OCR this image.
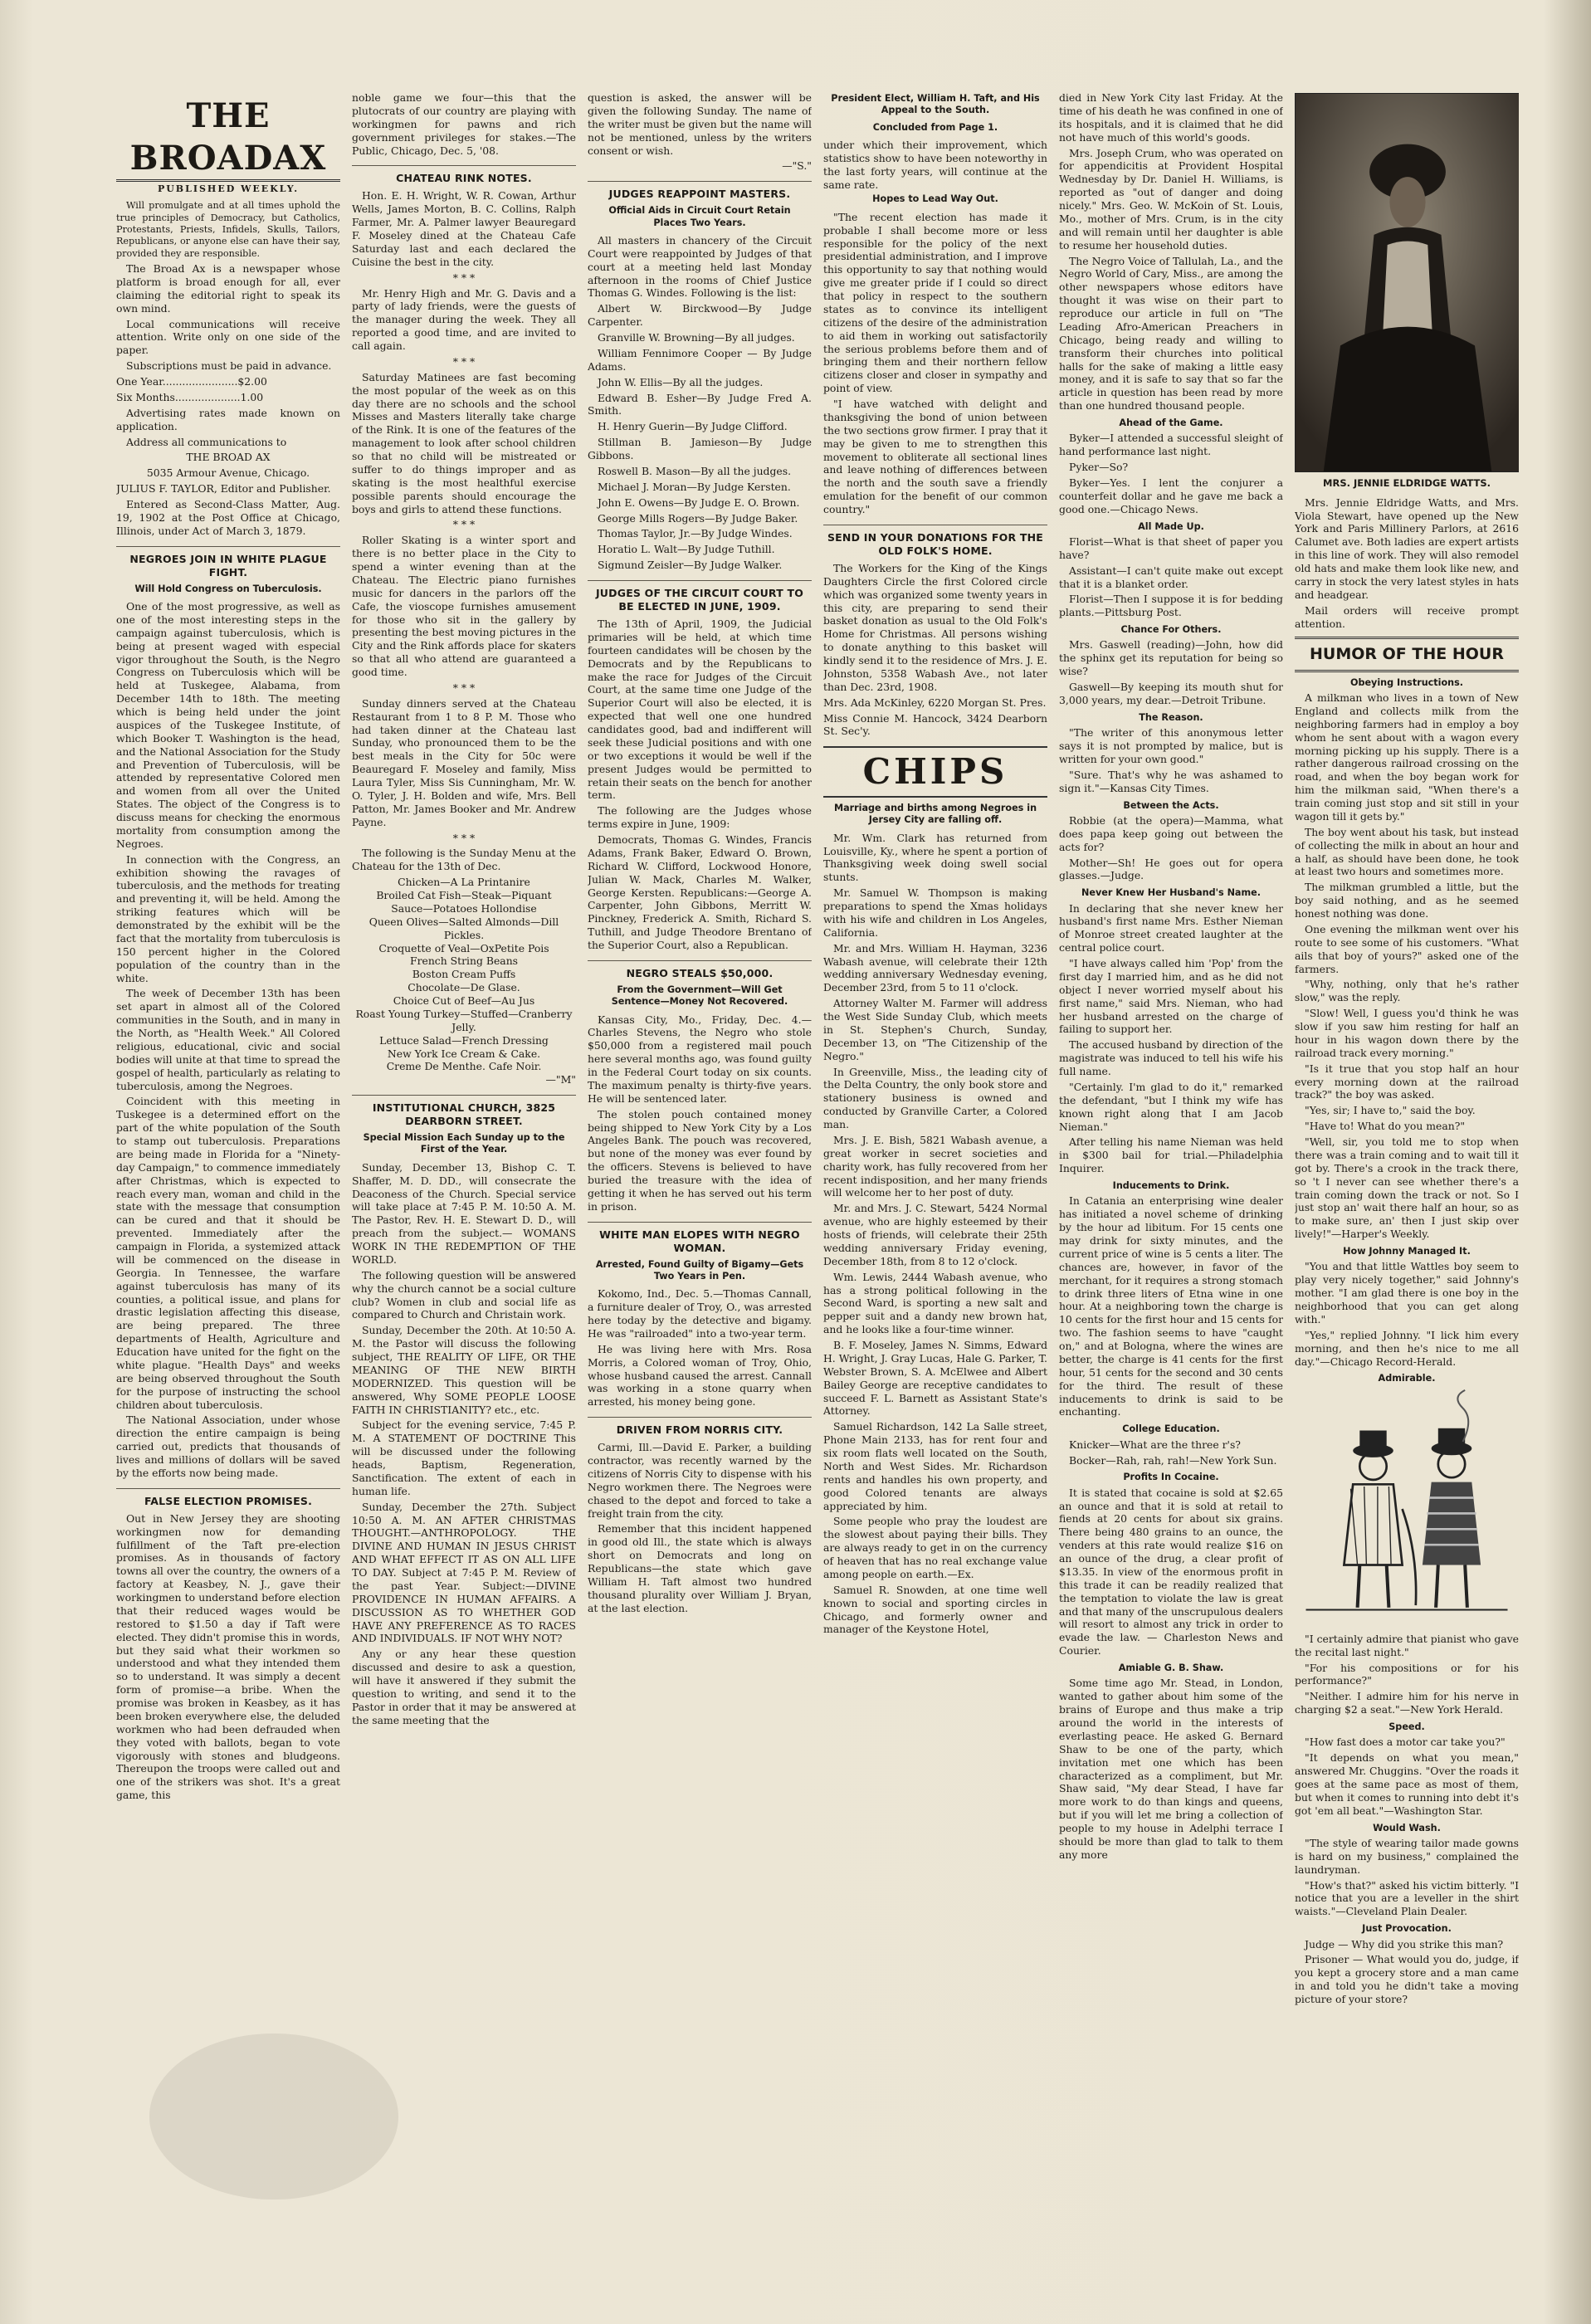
THE BROADAX
PUBLISHED WEEKLY.

Will promulgate and at all times uphold the true principles of Democracy, but Catholics, Protestants, Priests, Infidels, Skulls, Tailors, Republicans, or anyone else can have their say, provided they are responsible.

The Broad Ax is a newspaper whose platform is broad enough for all, ever claiming the editorial right to speak its own mind.

Local communications will receive attention. Write only on one side of the paper.

Subscriptions must be paid in advance.

One Year.......................$2.00

Six Months....................1.00

Advertising rates made known on application.

Address all communications to

THE BROAD AX

5035 Armour Avenue, Chicago.

JULIUS F. TAYLOR, Editor and Publisher.

Entered as Second-Class Matter, Aug. 19, 1902 at the Post Office at Chicago, Illinois, under Act of March 3, 1879.

NEGROES JOIN IN WHITE PLAGUE FIGHT.
Will Hold Congress on Tuberculosis.

One of the most progressive, as well as one of the most interesting steps in the campaign against tuberculosis, which is being at present waged with especial vigor throughout the South, is the Negro Congress on Tuberculosis which will be held at Tuskegee, Alabama, from December 14th to 18th. The meeting which is being held under the joint auspices of the Tuskegee Institute, of which Booker T. Washington is the head, and the National Association for the Study and Prevention of Tuberculosis, will be attended by representative Colored men and women from all over the United States. The object of the Congress is to discuss means for checking the enormous mortality from consumption among the Negroes.

In connection with the Congress, an exhibition showing the ravages of tuberculosis, and the methods for treating and preventing it, will be held. Among the striking features which will be demonstrated by the exhibit will be the fact that the mortality from tuberculosis is 150 percent higher in the Colored population of the country than in the white.

The week of December 13th has been set apart in almost all of the Colored communities in the South, and in many in the North, as "Health Week." All Colored religious, educational, civic and social bodies will unite at that time to spread the gospel of health, particularly as relating to tuberculosis, among the Negroes.

Coincident with this meeting in Tuskegee is a determined effort on the part of the white population of the South to stamp out tuberculosis. Preparations are being made in Florida for a "Ninety-day Campaign," to commence immediately after Christmas, which is expected to reach every man, woman and child in the state with the message that consumption can be cured and that it should be prevented. Immediately after the campaign in Florida, a systemized attack will be commenced on the disease in Georgia. In Tennessee, the warfare against tuberculosis has many of its counties, a political issue, and plans for drastic legislation affecting this disease, are being prepared. The three departments of Health, Agriculture and Education have united for the fight on the white plague. "Health Days" and weeks are being observed throughout the South for the purpose of instructing the school children about tuberculosis.

The National Association, under whose direction the entire campaign is being carried out, predicts that thousands of lives and millions of dollars will be saved by the efforts now being made.

FALSE ELECTION PROMISES.

Out in New Jersey they are shooting workingmen now for demanding fulfillment of the Taft pre-election promises. As in thousands of factory towns all over the country, the owners of a factory at Keasbey, N. J., gave their workingmen to understand before election that their reduced wages would be restored to $1.50 a day if Taft were elected. They didn't promise this in words, but they said what their workmen so understood and what they intended them so to understand. It was simply a decent form of promise—a bribe. When the promise was broken in Keasbey, as it has been broken everywhere else, the deluded workmen who had been defrauded when they voted with ballots, began to vote vigorously with stones and bludgeons. Thereupon the troops were called out and one of the strikers was shot. It's a great game, this

noble game we four—this that the plutocrats of our country are playing with workingmen for pawns and rich government privileges for stakes.—The Public, Chicago, Dec. 5, '08.

CHATEAU RINK NOTES.

Hon. E. H. Wright, W. R. Cowan, Arthur Wells, James Morton, B. C. Collins, Ralph Farmer, Mr. A. Palmer lawyer Beauregard F. Moseley dined at the Chateau Cafe Saturday last and each declared the Cuisine the best in the city.

* * *

Mr. Henry High and Mr. G. Davis and a party of lady friends, were the guests of the manager during the week. They all reported a good time, and are invited to call again.

* * *

Saturday Matinees are fast becoming the most popular of the week as on this day there are no schools and the school Misses and Masters literally take charge of the Rink. It is one of the features of the management to look after school children so that no child will be mistreated or suffer to do things improper and as skating is the most healthful exercise possible parents should encourage the boys and girls to attend these functions.

* * *

Roller Skating is a winter sport and there is no better place in the City to spend a winter evening than at the Chateau. The Electric piano furnishes music for dancers in the parlors off the Cafe, the vioscope furnishes amusement for those who sit in the gallery by presenting the best moving pictures in the City and the Rink affords place for skaters so that all who attend are guaranteed a good time.

* * *

Sunday dinners served at the Chateau Restaurant from 1 to 8 P. M. Those who had taken dinner at the Chateau last Sunday, who pronounced them to be the best meals in the City for 50c were Beauregard F. Moseley and family, Miss Laura Tyler, Miss Sis Cunningham, Mr. W. O. Tyler, J. H. Bolden and wife, Mrs. Bell Patton, Mr. James Booker and Mr. Andrew Payne.

* * *

The following is the Sunday Menu at the Chateau for the 13th of Dec.

Chicken—A La Printanire

Broiled Cat Fish—Steak—Piquant

Sauce—Potatoes Hollondise

Queen Olives—Salted Almonds—Dill Pickles.

Croquette of Veal—OxPetite Pois

French String Beans

Boston Cream Puffs

Chocolate—De Glase.

Choice Cut of Beef—Au Jus

Roast Young Turkey—Stuffed—Cranberry Jelly.

Lettuce Salad—French Dressing

New York Ice Cream & Cake.

Creme De Menthe. Cafe Noir.

—"M"

INSTITUTIONAL CHURCH, 3825 DEARBORN STREET.
Special Mission Each Sunday up to the First of the Year.

Sunday, December 13, Bishop C. T. Shaffer, M. D. DD., will consecrate the Deaconess of the Church. Special service will take place at 7:45 P. M. 10:50 A. M. The Pastor, Rev. H. E. Stewart D. D., will preach from the subject.— WOMANS WORK IN THE REDEMPTION OF THE WORLD.

The following question will be answered why the church cannot be a social culture club? Women in club and social life as compared to Church and Christain work.

Sunday, December the 20th. At 10:50 A. M. the Pastor will discuss the following subject, THE REALITY OF LIFE, OR THE MEANING OF THE NEW BIRTH MODERNIZED. This question will be answered, Why SOME PEOPLE LOOSE FAITH IN CHRISTIANITY? etc., etc.

Subject for the evening service, 7:45 P. M. A STATEMENT OF DOCTRINE This will be discussed under the following heads, Baptism, Regeneration, Sanctification. The extent of each in human life.

Sunday, December the 27th. Subject 10:50 A. M. AN AFTER CHRISTMAS THOUGHT.—ANTHROPOLOGY. THE DIVINE AND HUMAN IN JESUS CHRIST AND WHAT EFFECT IT AS ON ALL LIFE TO DAY. Subject at 7:45 P. M. Review of the past Year. Subject:—DIVINE PROVIDENCE IN HUMAN AFFAIRS. A DISCUSSION AS TO WHETHER GOD HAVE ANY PREFERENCE AS TO RACES AND INDIVIDUALS. IF NOT WHY NOT?

Any or any hear these question discussed and desire to ask a question, will have it answered if they submit the question to writing, and send it to the Pastor in order that it may be answered at the same meeting that the

question is asked, the answer will be given the following Sunday. The name of the writer must be given but the name will not be mentioned, unless by the writers consent or wish.

—"S."

JUDGES REAPPOINT MASTERS.
Official Aids in Circuit Court Retain Places Two Years.

All masters in chancery of the Circuit Court were reappointed by Judges of that court at a meeting held last Monday afternoon in the rooms of Chief Justice Thomas G. Windes. Following is the list:

Albert W. Birckwood—By Judge Carpenter.

Granville W. Browning—By all judges.

William Fennimore Cooper — By Judge Adams.

John W. Ellis—By all the judges.

Edward B. Esher—By Judge Fred A. Smith.

H. Henry Guerin—By Judge Clifford.

Stillman B. Jamieson—By Judge Gibbons.

Roswell B. Mason—By all the judges.

Michael J. Moran—By Judge Kersten.

John E. Owens—By Judge E. O. Brown.

George Mills Rogers—By Judge Baker.

Thomas Taylor, Jr.—By Judge Windes.

Horatio L. Walt—By Judge Tuthill.

Sigmund Zeisler—By Judge Walker.

JUDGES OF THE CIRCUIT COURT TO BE ELECTED IN JUNE, 1909.

The 13th of April, 1909, the Judicial primaries will be held, at which time fourteen candidates will be chosen by the Democrats and by the Republicans to make the race for Judges of the Circuit Court, at the same time one Judge of the Superior Court will also be elected, it is expected that well one one hundred candidates good, bad and indifferent will seek these Judicial positions and with one or two exceptions it would be well if the present Judges would be permitted to retain their seats on the bench for another term.

The following are the Judges whose terms expire in June, 1909:

Democrats, Thomas G. Windes, Francis Adams, Frank Baker, Edward O. Brown, Richard W. Clifford, Lockwood Honore, Julian W. Mack, Charles M. Walker, George Kersten. Republicans:—George A. Carpenter, John Gibbons, Merritt W. Pinckney, Frederick A. Smith, Richard S. Tuthill, and Judge Theodore Brentano of the Superior Court, also a Republican.

NEGRO STEALS $50,000.
From the Government—Will Get Sentence—Money Not Recovered.

Kansas City, Mo., Friday, Dec. 4.—Charles Stevens, the Negro who stole $50,000 from a registered mail pouch here several months ago, was found guilty in the Federal Court today on six counts. The maximum penalty is thirty-five years. He will be sentenced later.

The stolen pouch contained money being shipped to New York City by a Los Angeles Bank. The pouch was recovered, but none of the money was ever found by the officers. Stevens is believed to have buried the treasure with the idea of getting it when he has served out his term in prison.

WHITE MAN ELOPES WITH NEGRO WOMAN.
Arrested, Found Guilty of Bigamy—Gets Two Years in Pen.

Kokomo, Ind., Dec. 5.—Thomas Cannall, a furniture dealer of Troy, O., was arrested here today by the detective and bigamy. He was "railroaded" into a two-year term.

He was living here with Mrs. Rosa Morris, a Colored woman of Troy, Ohio, whose husband caused the arrest. Cannall was working in a stone quarry when arrested, his money being gone.

DRIVEN FROM NORRIS CITY.

Carmi, Ill.—David E. Parker, a building contractor, was recently warned by the citizens of Norris City to dispense with his Negro workmen there. The Negroes were chased to the depot and forced to take a freight train from the city.

Remember that this incident happened in good old Ill., the state which is always short on Democrats and long on Republicans—the state which gave William H. Taft almost two hundred thousand plurality over William J. Bryan, at the last election.

President Elect, William H. Taft, and His Appeal to the South.
Concluded from Page 1.

under which their improvement, which statistics show to have been noteworthy in the last forty years, will continue at the same rate.

Hopes to Lead Way Out.

"The recent election has made it probable I shall become more or less responsible for the policy of the next presidential administration, and I improve this opportunity to say that nothing would give me greater pride if I could so direct that policy in respect to the southern states as to convince its intelligent citizens of the desire of the administration to aid them in working out satisfactorily the serious problems before them and of bringing them and their northern fellow citizens closer and closer in sympathy and point of view.

"I have watched with delight and thanksgiving the bond of union between the two sections grow firmer. I pray that it may be given to me to strengthen this movement to obliterate all sectional lines and leave nothing of differences between the north and the south save a friendly emulation for the benefit of our common country."

SEND IN YOUR DONATIONS FOR THE OLD FOLK'S HOME.

The Workers for the King of the Kings Daughters Circle the first Colored circle which was organized some twenty years in this city, are preparing to send their basket donation as usual to the Old Folk's Home for Christmas. All persons wishing to donate anything to this basket will kindly send it to the residence of Mrs. J. E. Johnston, 5358 Wabash Ave., not later than Dec. 23rd, 1908.

Mrs. Ada McKinley, 6220 Morgan St. Pres.

Miss Connie M. Hancock, 3424 Dearborn St. Sec'y.

CHIPS
Marriage and births among Negroes in Jersey City are falling off.

Mr. Wm. Clark has returned from Louisville, Ky., where he spent a portion of Thanksgiving week doing swell social stunts.

Mr. Samuel W. Thompson is making preparations to spend the Xmas holidays with his wife and children in Los Angeles, California.

Mr. and Mrs. William H. Hayman, 3236 Wabash avenue, will celebrate their 12th wedding anniversary Wednesday evening, December 23rd, from 5 to 11 o'clock.

Attorney Walter M. Farmer will address the West Side Sunday Club, which meets in St. Stephen's Church, Sunday, December 13, on "The Citizenship of the Negro."

In Greenville, Miss., the leading city of the Delta Country, the only book store and stationery business is owned and conducted by Granville Carter, a Colored man.

Mrs. J. E. Bish, 5821 Wabash avenue, a great worker in secret societies and charity work, has fully recovered from her recent indisposition, and her many friends will welcome her to her post of duty.

Mr. and Mrs. J. C. Stewart, 5424 Normal avenue, who are highly esteemed by their hosts of friends, will celebrate their 25th wedding anniversary Friday evening, December 18th, from 8 to 12 o'clock.

Wm. Lewis, 2444 Wabash avenue, who has a strong political following in the Second Ward, is sporting a new salt and pepper suit and a dandy new brown hat, and he looks like a four-time winner.

B. F. Moseley, James N. Simms, Edward H. Wright, J. Gray Lucas, Hale G. Parker, T. Webster Brown, S. A. McElwee and Albert Bailey George are receptive candidates to succeed F. L. Barnett as Assistant State's Attorney.

Samuel Richardson, 142 La Salle street, Phone Main 2133, has for rent four and six room flats well located on the South, North and West Sides. Mr. Richardson rents and handles his own property, and good Colored tenants are always appreciated by him.

Some people who pray the loudest are the slowest about paying their bills. They are always ready to get in on the currency of heaven that has no real exchange value among people on earth.—Ex.

Samuel R. Snowden, at one time well known to social and sporting circles in Chicago, and formerly owner and manager of the Keystone Hotel,

died in New York City last Friday. At the time of his death he was confined in one of its hospitals, and it is claimed that he did not have much of this world's goods.

Mrs. Joseph Crum, who was operated on for appendicitis at Provident Hospital Wednesday by Dr. Daniel H. Williams, is reported as "out of danger and doing nicely." Mrs. Geo. W. McKoin of St. Louis, Mo., mother of Mrs. Crum, is in the city and will remain until her daughter is able to resume her household duties.

The Negro Voice of Tallulah, La., and the Negro World of Cary, Miss., are among the other newspapers whose editors have thought it was wise on their part to reproduce our article in full on "The Leading Afro-American Preachers in Chicago, being ready and willing to transform their churches into political halls for the sake of making a little easy money, and it is safe to say that so far the article in question has been read by more than one hundred thousand people.

Ahead of the Game.

Byker—I attended a successful sleight of hand performance last night.

Pyker—So?

Byker—Yes. I lent the conjurer a counterfeit dollar and he gave me back a good one.—Chicago News.

All Made Up.

Florist—What is that sheet of paper you have?

Assistant—I can't quite make out except that it is a blanket order.

Florist—Then I suppose it is for bedding plants.—Pittsburg Post.

Chance For Others.

Mrs. Gaswell (reading)—John, how did the sphinx get its reputation for being so wise?

Gaswell—By keeping its mouth shut for 3,000 years, my dear.—Detroit Tribune.

The Reason.

"The writer of this anonymous letter says it is not prompted by malice, but is written for your own good."

"Sure. That's why he was ashamed to sign it."—Kansas City Times.

Between the Acts.

Robbie (at the opera)—Mamma, what does papa keep going out between the acts for?

Mother—Sh! He goes out for opera glasses.—Judge.

Never Knew Her Husband's Name.

In declaring that she never knew her husband's first name Mrs. Esther Nieman of Monroe street created laughter at the central police court.

"I have always called him 'Pop' from the first day I married him, and as he did not object I never worried myself about his first name," said Mrs. Nieman, who had her husband arrested on the charge of failing to support her.

The accused husband by direction of the magistrate was induced to tell his wife his full name.

"Certainly. I'm glad to do it," remarked the defendant, "but I think my wife has known right along that I am Jacob Nieman."

After telling his name Nieman was held in $300 bail for trial.—Philadelphia Inquirer.

Inducements to Drink.

In Catania an enterprising wine dealer has initiated a novel scheme of drinking by the hour ad libitum. For 15 cents one may drink for sixty minutes, and the current price of wine is 5 cents a liter. The chances are, however, in favor of the merchant, for it requires a strong stomach to drink three liters of Etna wine in one hour. At a neighboring town the charge is 10 cents for the first hour and 15 cents for two. The fashion seems to have "caught on," and at Bologna, where the wines are better, the charge is 41 cents for the first hour, 51 cents for the second and 30 cents for the third. The result of these inducements to drink is said to be enchanting.

College Education.

Knicker—What are the three r's?

Bocker—Rah, rah, rah!—New York Sun.

Profits In Cocaine.

It is stated that cocaine is sold at $2.65 an ounce and that it is sold at retail to fiends at 20 cents for about six grains. There being 480 grains to an ounce, the venders at this rate would realize $16 on an ounce of the drug, a clear profit of $13.35. In view of the enormous profit in this trade it can be readily realized that the temptation to violate the law is great and that many of the unscrupulous dealers will resort to almost any trick in order to evade the law. — Charleston News and Courier.

Amiable G. B. Shaw.

Some time ago Mr. Stead, in London, wanted to gather about him some of the brains of Europe and thus make a trip around the world in the interests of everlasting peace. He asked G. Bernard Shaw to be one of the party, which invitation met one which has been characterized as a compliment, but Mr. Shaw said, "My dear Stead, I have far more work to do than kings and queens, but if you will let me bring a collection of people to my house in Adelphi terrace I should be more than glad to talk to them any more

MRS. JENNIE ELDRIDGE WATTS.

Mrs. Jennie Eldridge Watts, and Mrs. Viola Stewart, have opened up the New York and Paris Millinery Parlors, at 2616 Calumet ave. Both ladies are expert artists in this line of work. They will also remodel old hats and make them look like new, and carry in stock the very latest styles in hats and headgear.

Mail orders will receive prompt attention.

HUMOR OF THE HOUR
Obeying Instructions.

A milkman who lives in a town of New England and collects milk from the neighboring farmers had in employ a boy whom he sent about with a wagon every morning picking up his supply. There is a rather dangerous railroad crossing on the road, and when the boy began work for him the milkman said, "When there's a train coming just stop and sit still in your wagon till it gets by."

The boy went about his task, but instead of collecting the milk in about an hour and a half, as should have been done, he took at least two hours and sometimes more.

The milkman grumbled a little, but the boy said nothing, and as he seemed honest nothing was done.

One evening the milkman went over his route to see some of his customers. "What ails that boy of yours?" asked one of the farmers.

"Why, nothing, only that he's rather slow," was the reply.

"Slow! Well, I guess you'd think he was slow if you saw him resting for half an hour in his wagon down there by the railroad track every morning."

"Is it true that you stop half an hour every morning down at the railroad track?" the boy was asked.

"Yes, sir; I have to," said the boy.

"Have to! What do you mean?"

"Well, sir, you told me to stop when there was a train coming and to wait till it got by. There's a crook in the track there, so 't I never can see whether there's a train coming down the track or not. So I just stop an' wait there half an hour, so as to make sure, an' then I just skip over lively!"—Harper's Weekly.

How Johnny Managed It.

"You and that little Wattles boy seem to play very nicely together," said Johnny's mother. "I am glad there is one boy in the neighborhood that you can get along with."

"Yes," replied Johnny. "I lick him every morning, and then he's nice to me all day."—Chicago Record-Herald.

Admirable.

"I certainly admire that pianist who gave the recital last night."

"For his compositions or for his performance?"

"Neither. I admire him for his nerve in charging $2 a seat."—New York Herald.

Speed.

"How fast does a motor car take you?"

"It depends on what you mean," answered Mr. Chuggins. "Over the roads it goes at the same pace as most of them, but when it comes to running into debt it's got 'em all beat."—Washington Star.

Would Wash.

"The style of wearing tailor made gowns is hard on my business," complained the laundryman.

"How's that?" asked his victim bitterly. "I notice that you are a leveller in the shirt waists."—Cleveland Plain Dealer.

Just Provocation.

Judge — Why did you strike this man?

Prisoner — What would you do, judge, if you kept a grocery store and a man came in and told you he didn't take a moving picture of your store?
